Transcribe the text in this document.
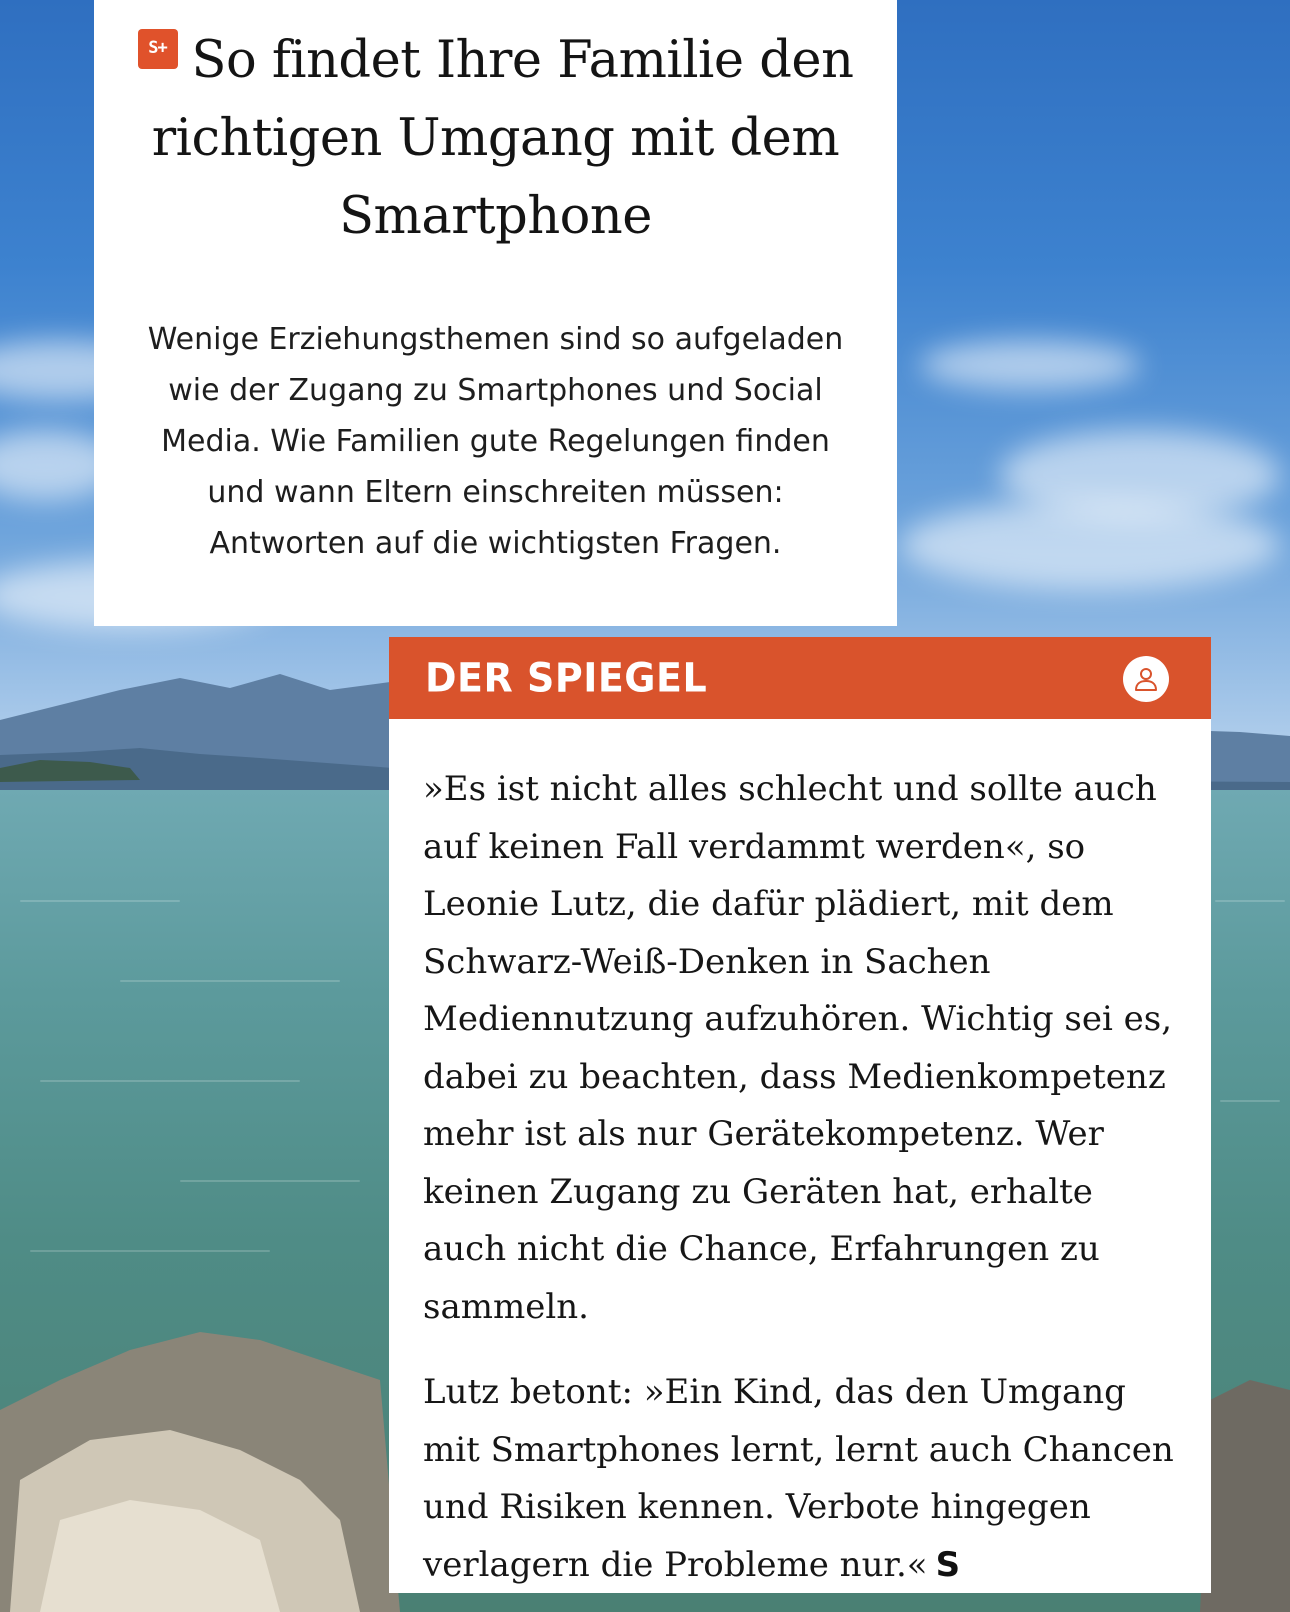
S+ So findet Ihre Familie den richtigen Umgang mit dem Smartphone

Wenige Erziehungsthemen sind so aufgeladen wie der Zugang zu Smartphones und Social Media. Wie Familien gute Regelungen finden und wann Eltern einschreiten müssen: Antworten auf die wichtigsten Fragen.

DER SPIEGEL

»Es ist nicht alles schlecht und sollte auch auf keinen Fall verdammt werden«, so Leonie Lutz, die dafür plädiert, mit dem Schwarz-Weiß-Denken in Sachen Mediennutzung aufzuhören. Wichtig sei es, dabei zu beachten, dass Medienkompetenz mehr ist als nur Gerätekompetenz. Wer keinen Zugang zu Geräten hat, erhalte auch nicht die Chance, Erfahrungen zu sammeln.

Lutz betont: »Ein Kind, das den Umgang mit Smartphones lernt, lernt auch Chancen und Risiken kennen. Verbote hingegen verlagern die Probleme nur.« S
